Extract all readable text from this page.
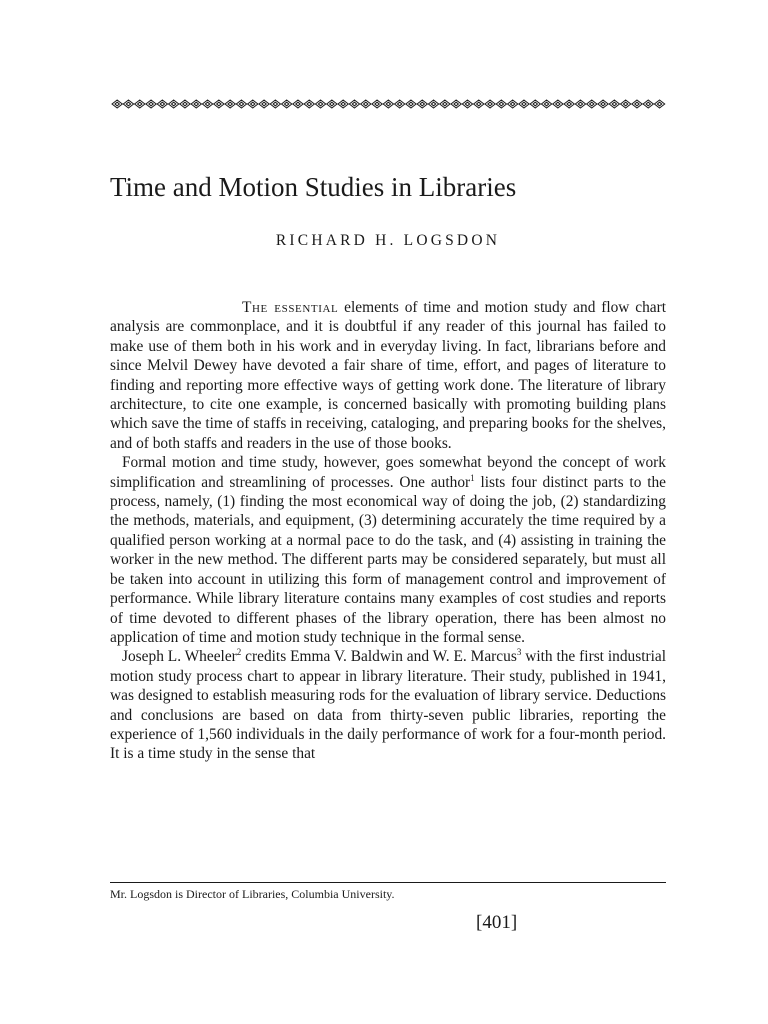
Time and Motion Studies in Libraries

RICHARD H. LOGSDON

The essential elements of time and motion study and flow chart analysis are commonplace, and it is doubtful if any reader of this journal has failed to make use of them both in his work and in everyday living. In fact, librarians before and since Melvil Dewey have devoted a fair share of time, effort, and pages of literature to finding and reporting more effective ways of getting work done. The literature of library architecture, to cite one example, is concerned basically with promoting building plans which save the time of staffs in receiving, cataloging, and preparing books for the shelves, and of both staffs and readers in the use of those books.

Formal motion and time study, however, goes somewhat beyond the concept of work simplification and streamlining of processes. One author$^1$ lists four distinct parts to the process, namely, (1) finding the most economical way of doing the job, (2) standardizing the methods, materials, and equipment, (3) determining accurately the time required by a qualified person working at a normal pace to do the task, and (4) assisting in training the worker in the new method. The different parts may be considered separately, but must all be taken into account in utilizing this form of management control and improvement of performance. While library literature contains many examples of cost studies and reports of time devoted to different phases of the library operation, there has been almost no application of time and motion study technique in the formal sense.

Joseph L. Wheeler$^2$ credits Emma V. Baldwin and W. E. Marcus$^3$ with the first industrial motion study process chart to appear in library literature. Their study, published in 1941, was designed to establish measuring rods for the evaluation of library service. Deductions and conclusions are based on data from thirty-seven public libraries, reporting the experience of 1,560 individuals in the daily performance of work for a four-month period. It is a time study in the sense that

Mr. Logsdon is Director of Libraries, Columbia University.

[401]
